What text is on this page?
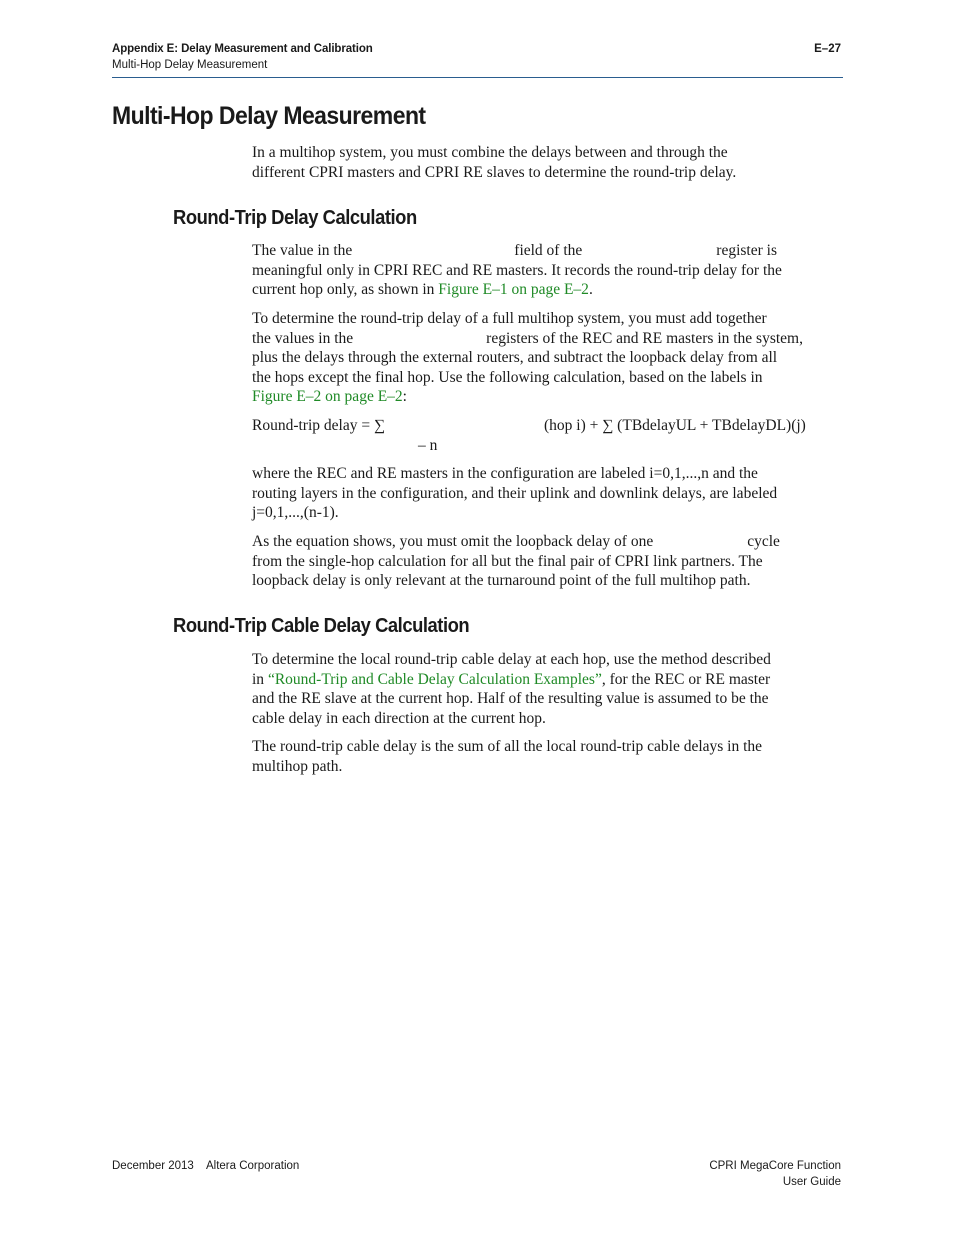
Appendix E: Delay Measurement and Calibration
Multi-Hop Delay Measurement
E–27
Multi-Hop Delay Measurement
In a multihop system, you must combine the delays between and through the
different CPRI masters and CPRI RE slaves to determine the round-trip delay.
Round-Trip Delay Calculation
The value in the	field of the	register is
meaningful only in CPRI REC and RE masters. It records the round-trip delay for the
current hop only, as shown in Figure E–1 on page E–2.
To determine the round-trip delay of a full multihop system, you must add together
the values in the	registers of the REC and RE masters in the system,
plus the delays through the external routers, and subtract the loopback delay from all
the hops except the final hop. Use the following calculation, based on the labels in
Figure E–2 on page E–2:
Round-trip delay = ∑	(hop i) + ∑ (TBdelayUL + TBdelayDL)(j)
– n
where the REC and RE masters in the configuration are labeled i=0,1,...,n and the
routing layers in the configuration, and their uplink and downlink delays, are labeled
j=0,1,...,(n-1).
As the equation shows, you must omit the loopback delay of one	cycle
from the single-hop calculation for all but the final pair of CPRI link partners. The
loopback delay is only relevant at the turnaround point of the full multihop path.
Round-Trip Cable Delay Calculation
To determine the local round-trip cable delay at each hop, use the method described
in “Round-Trip and Cable Delay Calculation Examples”, for the REC or RE master
and the RE slave at the current hop. Half of the resulting value is assumed to be the
cable delay in each direction at the current hop.
The round-trip cable delay is the sum of all the local round-trip cable delays in the
multihop path.
December 2013    Altera Corporation	CPRI MegaCore Function
User Guide
